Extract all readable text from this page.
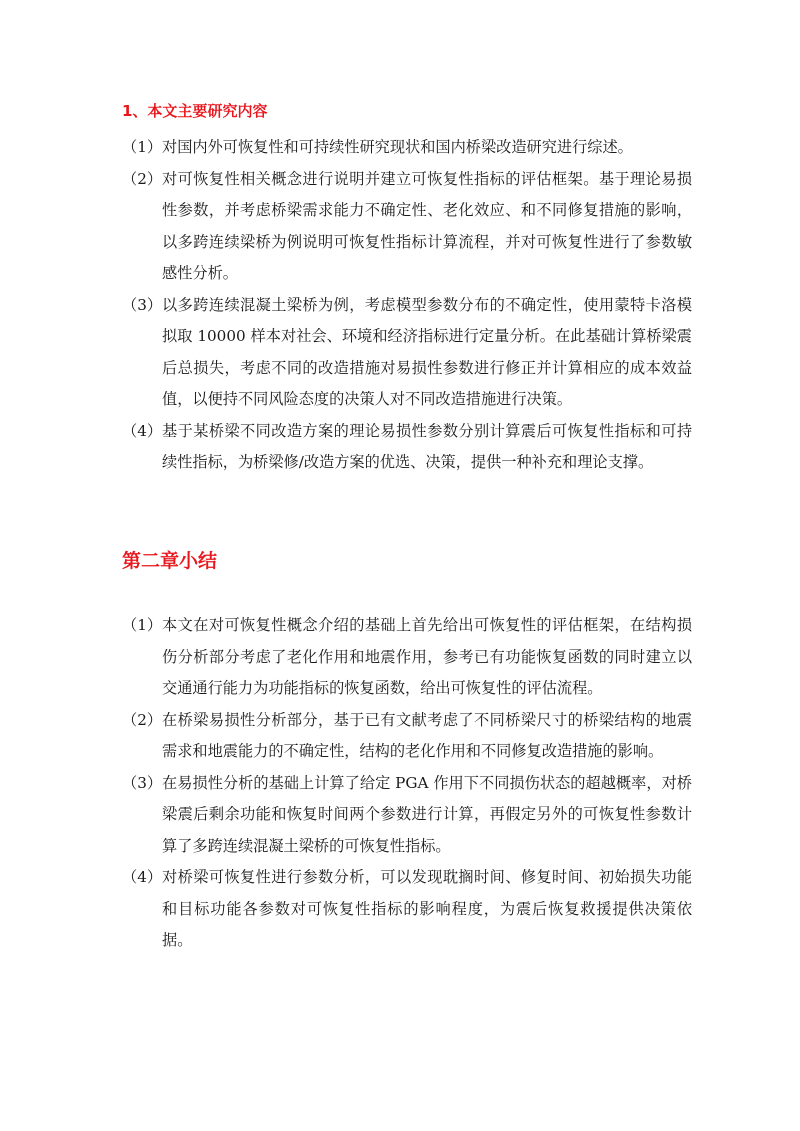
1、本文主要研究内容
（1） 对国内外可恢复性和可持续性研究现状和国内桥梁改造研究进行综述。
（2） 对可恢复性相关概念进行说明并建立可恢复性指标的评估框架。基于理论易损性参数，并考虑桥梁需求能力不确定性、老化效应、和不同修复措施的影响，以多跨连续梁桥为例说明可恢复性指标计算流程，并对可恢复性进行了参数敏感性分析。
（3） 以多跨连续混凝土梁桥为例，考虑模型参数分布的不确定性，使用蒙特卡洛模拟取 10000 样本对社会、环境和经济指标进行定量分析。在此基础计算桥梁震后总损失，考虑不同的改造措施对易损性参数进行修正并计算相应的成本效益值，以便持不同风险态度的决策人对不同改造措施进行决策。
（4） 基于某桥梁不同改造方案的理论易损性参数分别计算震后可恢复性指标和可持续性指标，为桥梁修/改造方案的优选、决策，提供一种补充和理论支撑。
第二章小结
（1） 本文在对可恢复性概念介绍的基础上首先给出可恢复性的评估框架，在结构损伤分析部分考虑了老化作用和地震作用，参考已有功能恢复函数的同时建立以交通通行能力为功能指标的恢复函数，给出可恢复性的评估流程。
（2） 在桥梁易损性分析部分，基于已有文献考虑了不同桥梁尺寸的桥梁结构的地震需求和地震能力的不确定性，结构的老化作用和不同修复改造措施的影响。
（3） 在易损性分析的基础上计算了给定 PGA 作用下不同损伤状态的超越概率，对桥梁震后剩余功能和恢复时间两个参数进行计算，再假定另外的可恢复性参数计算了多跨连续混凝土梁桥的可恢复性指标。
（4） 对桥梁可恢复性进行参数分析，可以发现耽搁时间、修复时间、初始损失功能和目标功能各参数对可恢复性指标的影响程度，为震后恢复救援提供决策依据。
